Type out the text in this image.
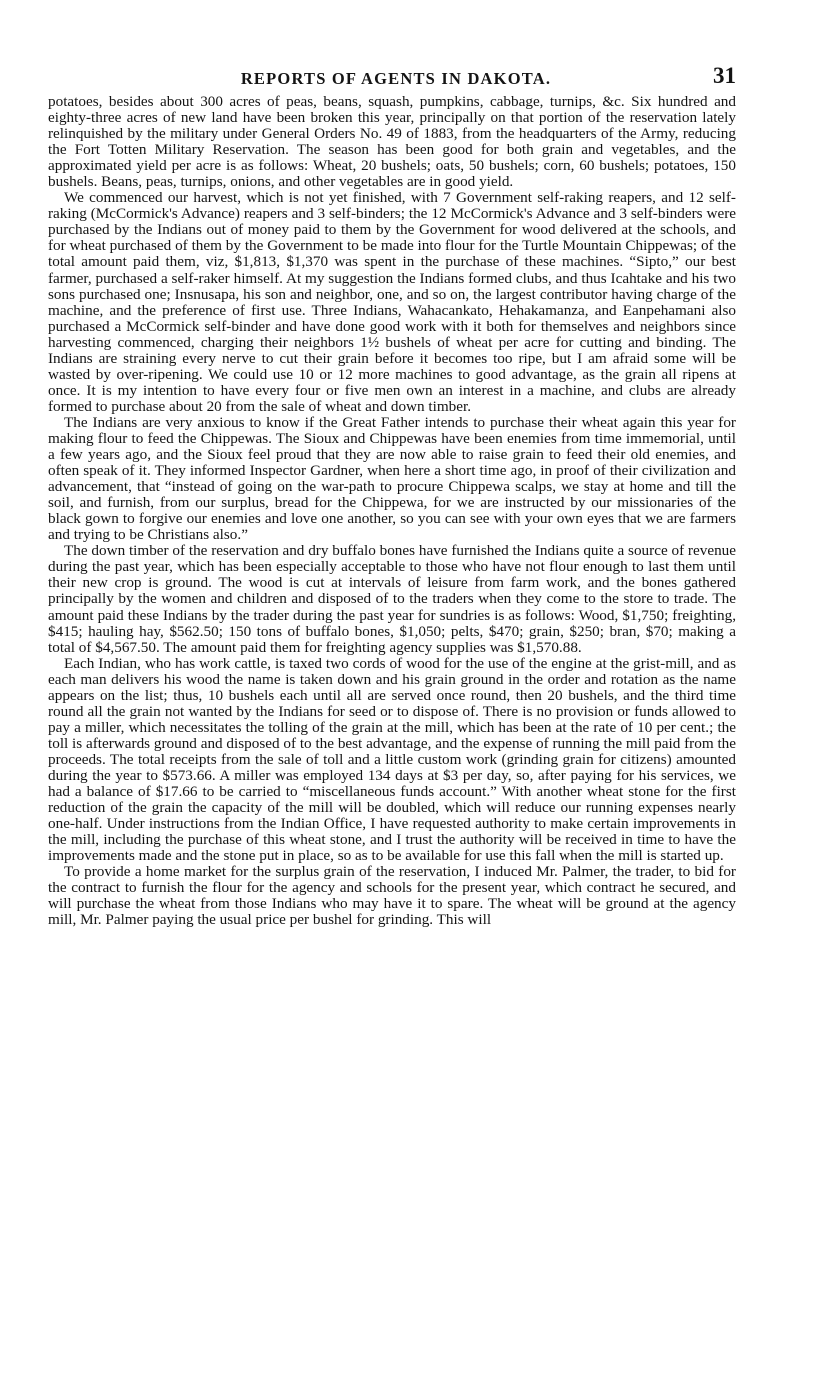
REPORTS OF AGENTS IN DAKOTA.	31

potatoes, besides about 300 acres of peas, beans, squash, pumpkins, cabbage, turnips, &c. Six hundred and eighty-three acres of new land have been broken this year, principally on that portion of the reservation lately relinquished by the military under General Orders No. 49 of 1883, from the headquarters of the Army, reducing the Fort Totten Military Reservation. The season has been good for both grain and vegetables, and the approximated yield per acre is as follows: Wheat, 20 bushels; oats, 50 bushels; corn, 60 bushels; potatoes, 150 bushels. Beans, peas, turnips, onions, and other vegetables are in good yield.

We commenced our harvest, which is not yet finished, with 7 Government self-raking reapers, and 12 self-raking (McCormick's Advance) reapers and 3 self-binders; the 12 McCormick's Advance and 3 self-binders were purchased by the Indians out of money paid to them by the Government for wood delivered at the schools, and for wheat purchased of them by the Government to be made into flour for the Turtle Mountain Chippewas; of the total amount paid them, viz, $1,813, $1,370 was spent in the purchase of these machines. “Sipto,” our best farmer, purchased a self-raker himself. At my suggestion the Indians formed clubs, and thus Icahtake and his two sons purchased one; Insnusapa, his son and neighbor, one, and so on, the largest contributor having charge of the machine, and the preference of first use. Three Indians, Wahacankato, Hehakamanza, and Eanpehamani also purchased a McCormick self-binder and have done good work with it both for themselves and neighbors since harvesting commenced, charging their neighbors 1½ bushels of wheat per acre for cutting and binding. The Indians are straining every nerve to cut their grain before it becomes too ripe, but I am afraid some will be wasted by over-ripening. We could use 10 or 12 more machines to good advantage, as the grain all ripens at once. It is my intention to have every four or five men own an interest in a machine, and clubs are already formed to purchase about 20 from the sale of wheat and down timber.

The Indians are very anxious to know if the Great Father intends to purchase their wheat again this year for making flour to feed the Chippewas. The Sioux and Chippewas have been enemies from time immemorial, until a few years ago, and the Sioux feel proud that they are now able to raise grain to feed their old enemies, and often speak of it. They informed Inspector Gardner, when here a short time ago, in proof of their civilization and advancement, that “instead of going on the war-path to procure Chippewa scalps, we stay at home and till the soil, and furnish, from our surplus, bread for the Chippewa, for we are instructed by our missionaries of the black gown to forgive our enemies and love one another, so you can see with your own eyes that we are farmers and trying to be Christians also.”

The down timber of the reservation and dry buffalo bones have furnished the Indians quite a source of revenue during the past year, which has been especially acceptable to those who have not flour enough to last them until their new crop is ground. The wood is cut at intervals of leisure from farm work, and the bones gathered principally by the women and children and disposed of to the traders when they come to the store to trade. The amount paid these Indians by the trader during the past year for sundries is as follows: Wood, $1,750; freighting, $415; hauling hay, $562.50; 150 tons of buffalo bones, $1,050; pelts, $470; grain, $250; bran, $70; making a total of $4,567.50. The amount paid them for freighting agency supplies was $1,570.88.

Each Indian, who has work cattle, is taxed two cords of wood for the use of the engine at the grist-mill, and as each man delivers his wood the name is taken down and his grain ground in the order and rotation as the name appears on the list; thus, 10 bushels each until all are served once round, then 20 bushels, and the third time round all the grain not wanted by the Indians for seed or to dispose of. There is no provision or funds allowed to pay a miller, which necessitates the tolling of the grain at the mill, which has been at the rate of 10 per cent.; the toll is afterwards ground and disposed of to the best advantage, and the expense of running the mill paid from the proceeds. The total receipts from the sale of toll and a little custom work (grinding grain for citizens) amounted during the year to $573.66. A miller was employed 134 days at $3 per day, so, after paying for his services, we had a balance of $17.66 to be carried to “miscellaneous funds account.” With another wheat stone for the first reduction of the grain the capacity of the mill will be doubled, which will reduce our running expenses nearly one-half. Under instructions from the Indian Office, I have requested authority to make certain improvements in the mill, including the purchase of this wheat stone, and I trust the authority will be received in time to have the improvements made and the stone put in place, so as to be available for use this fall when the mill is started up.

To provide a home market for the surplus grain of the reservation, I induced Mr. Palmer, the trader, to bid for the contract to furnish the flour for the agency and schools for the present year, which contract he secured, and will purchase the wheat from those Indians who may have it to spare. The wheat will be ground at the agency mill, Mr. Palmer paying the usual price per bushel for grinding. This will
